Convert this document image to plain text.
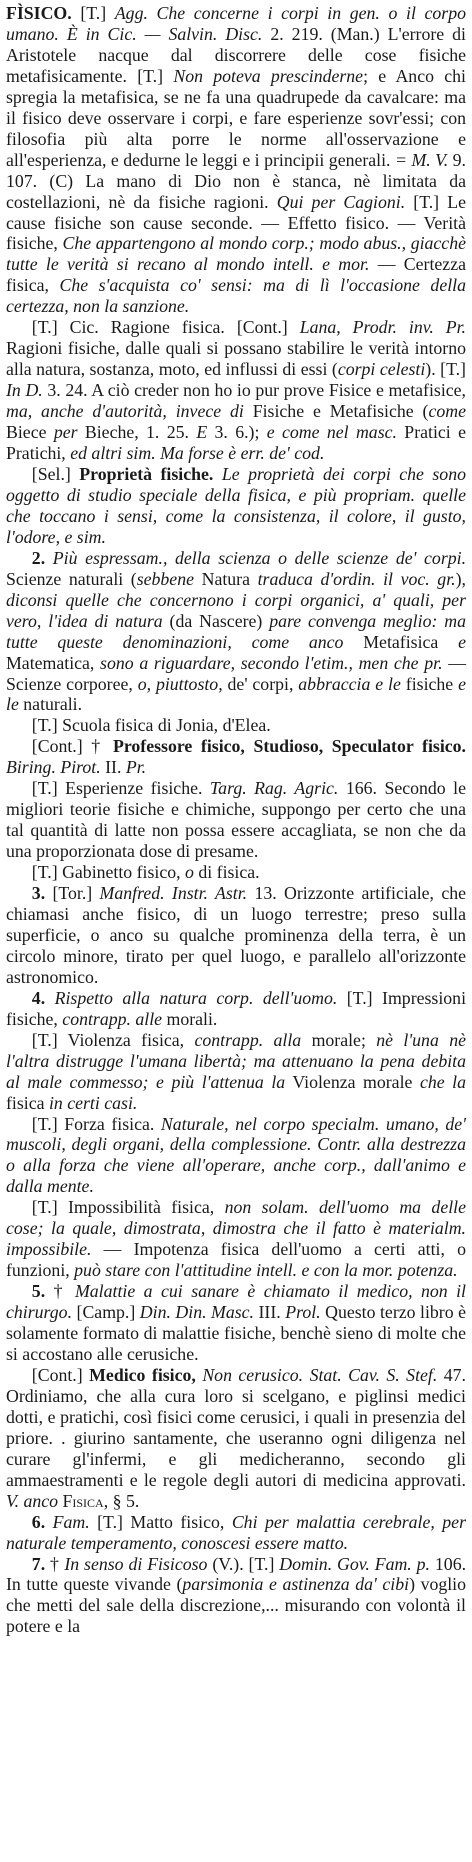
FÌSICO. [T.] Agg. Che concerne i corpi in gen. o il corpo umano. È in Cic. — Salvin. Disc. 2. 219. (Man.) L'errore di Aristotele nacque dal discorrere delle cose fisiche metafisicamente. [T.] Non poteva prescinderne; e Anco chi spregia la metafisica, se ne fa una quadrupede da cavalcare: ma il fisico deve osservare i corpi, e fare esperienze sovr'essi; con filosofia più alta porre le norme all'osservazione e all'esperienza, e dedurne le leggi e i principii generali. = M. V. 9. 107. (C) La mano di Dio non è stanca, nè limitata da costellazioni, nè da fisiche ragioni. Qui per Cagioni. [T.] Le cause fisiche son cause seconde. — Effetto fisico. — Verità fisiche, Che appartengono al mondo corp.; modo abus., giacchè tutte le verità si recano al mondo intell. e mor. — Certezza fisica, Che s'acquista co' sensi: ma di lì l'occasione della certezza, non la sanzione.

[T.] Cic. Ragione fisica. [Cont.] Lana, Prodr. inv. Pr. Ragioni fisiche, dalle quali si possano stabilire le verità intorno alla natura, sostanza, moto, ed influssi di essi (corpi celesti). [T.] In D. 3. 24. A ciò creder non ho io pur prove Fisice e metafisice, ma, anche d'autorità, invece di Fisiche e Metafisiche (come Biece per Bieche, 1. 25. E 3. 6.); e come nel masc. Pratici e Pratichi, ed altri sim. Ma forse è err. de' cod.

[Sel.] Proprietà fisiche. Le proprietà dei corpi che sono oggetto di studio speciale della fisica, e più propriam. quelle che toccano i sensi, come la consistenza, il colore, il gusto, l'odore, e sim.

2. Più espressam., della scienza o delle scienze de' corpi. Scienze naturali (sebbene Natura traduca d'ordin. il voc. gr.), diconsi quelle che concernono i corpi organici, a' quali, per vero, l'idea di natura (da Nascere) pare convenga meglio: ma tutte queste denominazioni, come anco Metafisica e Matematica, sono a riguardare, secondo l'etim., men che pr. — Scienze corporee, o, piuttosto, de' corpi, abbraccia e le fisiche e le naturali.

[T.] Scuola fisica di Jonia, d'Elea.

[Cont.] † Professore fisico, Studioso, Speculator fisico. Biring. Pirot. II. Pr.

[T.] Esperienze fisiche. Targ. Rag. Agric. 166. Secondo le migliori teorie fisiche e chimiche, suppongo per certo che una tal quantità di latte non possa essere accagliata, se non che da una proporzionata dose di presame.

[T.] Gabinetto fisico, o di fisica.

3. [Tor.] Manfred. Instr. Astr. 13. Orizzonte artificiale, che chiamasi anche fisico, di un luogo terrestre; preso sulla superficie, o anco su qualche prominenza della terra, è un circolo minore, tirato per quel luogo, e parallelo all'orizzonte astronomico.

4. Rispetto alla natura corp. dell'uomo. [T.] Impressioni fisiche, contrapp. alle morali.

[T.] Violenza fisica, contrapp. alla morale; nè l'una nè l'altra distrugge l'umana libertà; ma attenuano la pena debita al male commesso; e più l'attenua la Violenza morale che la fisica in certi casi.

[T.] Forza fisica. Naturale, nel corpo specialm. umano, de' muscoli, degli organi, della complessione. Contr. alla destrezza o alla forza che viene all'operare, anche corp., dall'animo e dalla mente.

[T.] Impossibilità fisica, non solam. dell'uomo ma delle cose; la quale, dimostrata, dimostra che il fatto è materialm. impossibile. — Impotenza fisica dell'uomo a certi atti, o funzioni, può stare con l'attitudine intell. e con la mor. potenza.

5. † Malattie a cui sanare è chiamato il medico, non il chirurgo. [Camp.] Din. Din. Masc. III. Prol. Questo terzo libro è solamente formato di malattie fisiche, benchè sieno di molte che si accostano alle cerusiche.

[Cont.] Medico fisico, Non cerusico. Stat. Cav. S. Stef. 47. Ordiniamo, che alla cura loro si scelgano, e piglinsi medici dotti, e pratichi, così fisici come cerusici, i quali in presenzia del priore. . giurino santamente, che useranno ogni diligenza nel curare gl'infermi, e gli medicheranno, secondo gli ammaestramenti e le regole degli autori di medicina approvati. V. anco Fisica, § 5.

6. Fam. [T.] Matto fisico, Chi per malattia cerebrale, per naturale temperamento, conoscesi essere matto.

7. † In senso di Fisicoso (V.). [T.] Domin. Gov. Fam. p. 106. In tutte queste vivande (parsimonia e astinenza da' cibi) voglio che metti del sale della discrezione,... misurando con volontà il potere e la
